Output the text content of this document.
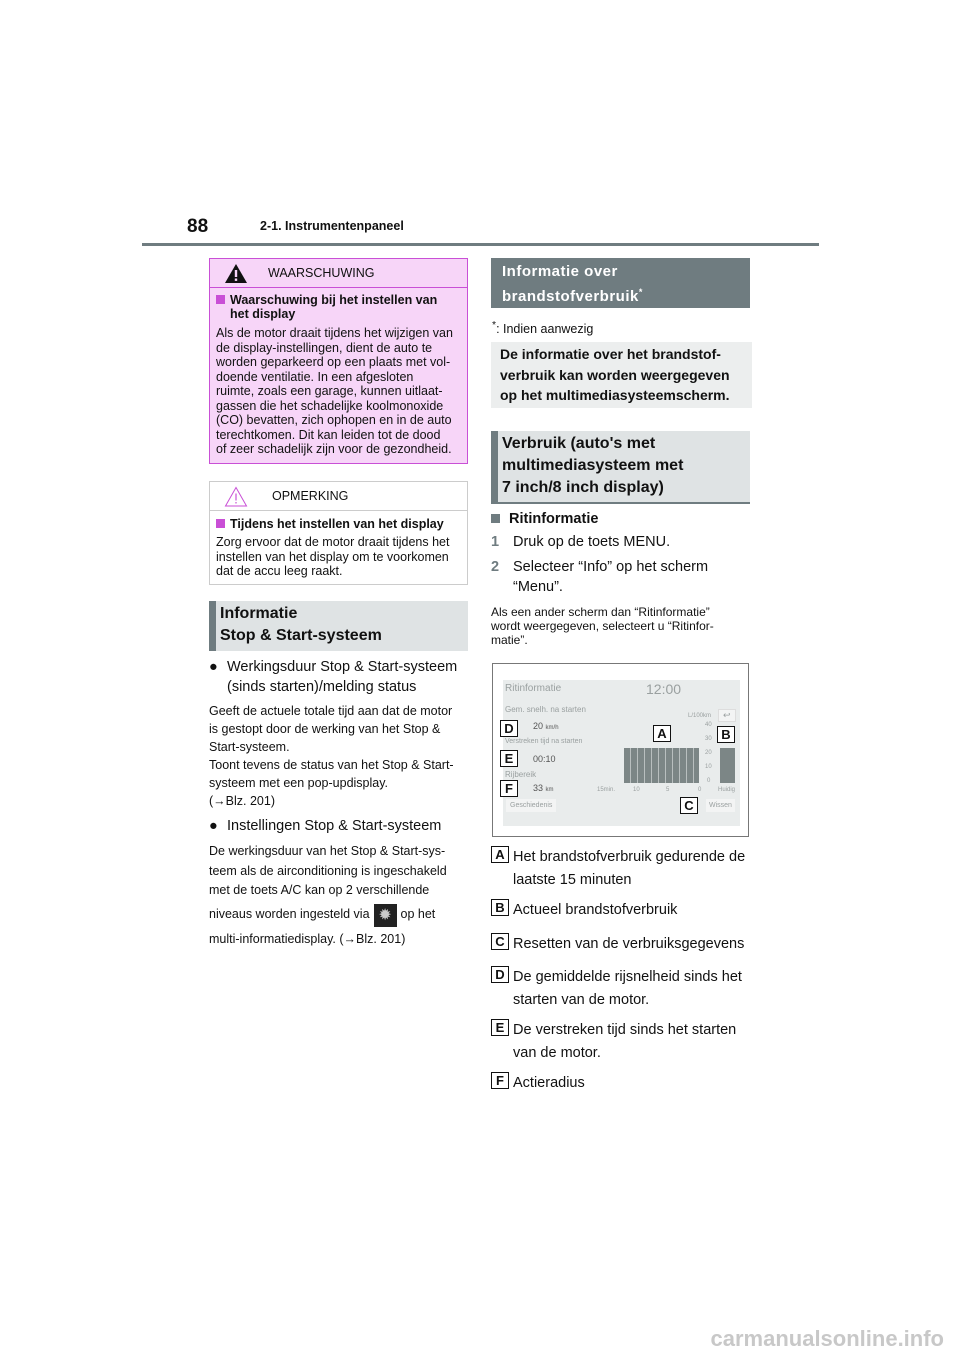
88	2-1. Instrumentenpaneel
WAARSCHUWING
Waarschuwing bij het instellen van
het display
Als de motor draait tijdens het wijzigen van
de display-instellingen, dient de auto te
worden geparkeerd op een plaats met vol-
doende ventilatie. In een afgesloten
ruimte, zoals een garage, kunnen uitlaat-
gassen die het schadelijke koolmonoxide
(CO) bevatten, zich ophopen en in de auto
terechtkomen. Dit kan leiden tot de dood
of zeer schadelijk zijn voor de gezondheid.
OPMERKING
Tijdens het instellen van het display
Zorg ervoor dat de motor draait tijdens het
instellen van het display om te voorkomen
dat de accu leeg raakt.
Informatie
Stop & Start-systeem
● Werkingsduur Stop & Start-systeem
(sinds starten)/melding status
Geeft de actuele totale tijd aan dat de motor
is gestopt door de werking van het Stop &
Start-systeem.
Toont tevens de status van het Stop & Start-
systeem met een pop-updisplay.
(→Blz. 201)
● Instellingen Stop & Start-systeem
De werkingsduur van het Stop & Start-sys-
teem als de airconditioning is ingeschakeld
met de toets A/C kan op 2 verschillende
niveaus worden ingesteld via ✹ op het
multi-informatiedisplay. (→Blz. 201)
Informatie over
brandstofverbruik*
*: Indien aanwezig
De informatie over het brandstof-
verbruik kan worden weergegeven
op het multimediasysteemscherm.
Verbruik (auto's met
multimediasysteem met
7 inch/8 inch display)
Ritinformatie
1 Druk op de toets MENU.
2 Selecteer “Info” op het scherm
“Menu”.
Als een ander scherm dan “Ritinformatie”
wordt weergegeven, selecteert u “Ritinfor-
matie”.
Ritinformatie	12:00
Gem. snelh. na starten
20 km/h
Verstreken tijd na starten
00:10
Rijbereik
33 km
L/100km	↩
40
30
20
10
0
15min.	10	5	0	Huidig
Geschiedenis	Wissen
D
E
F
A	B
C
A Het brandstofverbruik gedurende de
laatste 15 minuten
B Actueel brandstofverbruik
C Resetten van de verbruiksgegevens
D De gemiddelde rijsnelheid sinds het
starten van de motor.
E De verstreken tijd sinds het starten
van de motor.
F Actieradius
carmanualsonline.info
